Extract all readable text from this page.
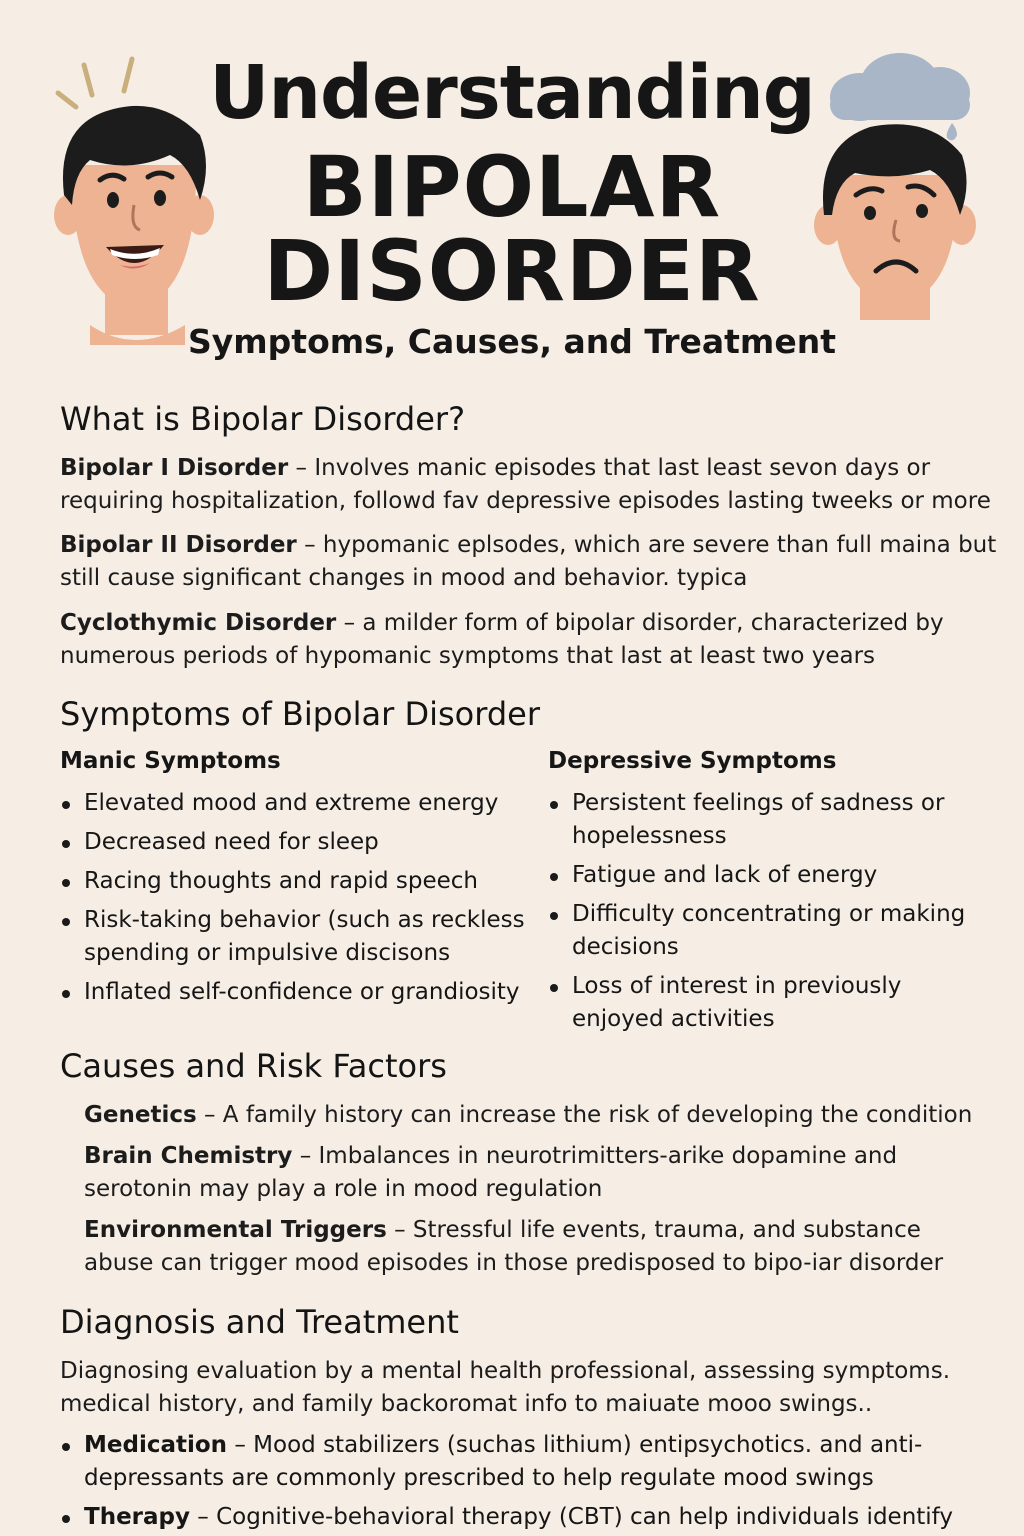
Understanding
BIPOLAR
DISORDER
Symptoms, Causes, and Treatment
What is Bipolar Disorder?
Bipolar I Disorder – Involves manic episodes that last least sevon days or requiring hospitalization, followd fav depressive episodes lasting tweeks or more
Bipolar II Disorder – hypomanic eplsodes, which are severe than full maina but still cause significant changes in mood and behavior. typica
Cyclothymic Disorder – a milder form of bipolar disorder, characterized by numerous periods of hypomanic symptoms that last at least two years
Symptoms of Bipolar Disorder
Manic Symptoms
Elevated mood and extreme energy
Decreased need for sleep
Racing thoughts and rapid speech
Risk-taking behavior (such as reckless spending or impulsive discisons
Inflated self-confidence or grandiosity
Depressive Symptoms
Persistent feelings of sadness or hopelessness
Fatigue and lack of energy
Difficulty concentrating or making decisions
Loss of interest in previously enjoyed activities
Causes and Risk Factors
Genetics – A family history can increase the risk of developing the condition
Brain Chemistry – Imbalances in neurotrimitters-arike dopamine and serotonin may play a role in mood regulation
Environmental Triggers – Stressful life events, trauma, and substance abuse can trigger mood episodes in those predisposed to bipo-iar disorder
Diagnosis and Treatment
Diagnosing evaluation by a mental health professional, assessing symptoms. medical history, and family backoromat info to maiuate mooo swings..
Medication – Mood stabilizers (suchas lithium) entipsychotics. and anti- depressants are commonly prescribed to help regulate mood swings
Therapy – Cognitive-behavioral therapy (CBT) can help individuals identify
